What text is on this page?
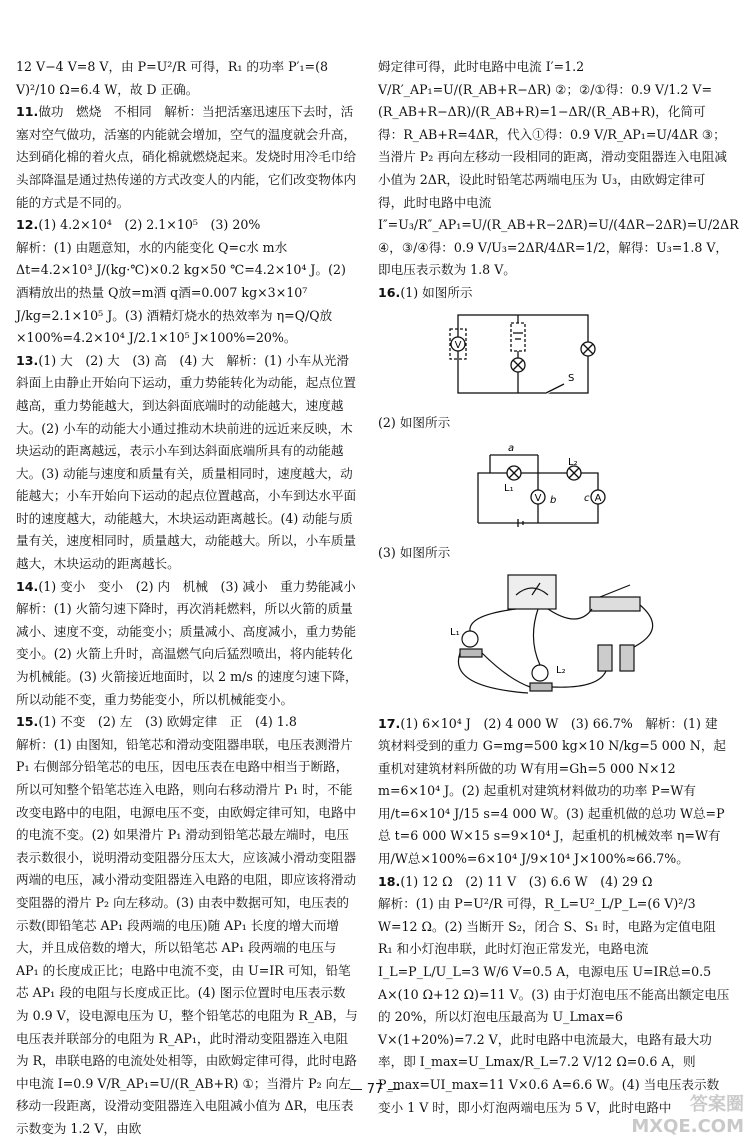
12 V−4 V=8 V，由 P=U²/R 可得，R₁ 的功率 P′₁=(8 V)²/10 Ω=6.4 W，故 D 正确。

11.做功　燃烧　不相同　解析：当把活塞迅速压下去时，活塞对空气做功，活塞的内能就会增加，空气的温度就会升高，达到硝化棉的着火点，硝化棉就燃烧起来。发烧时用冷毛巾给头部降温是通过热传递的方式改变人的内能，它们改变物体内能的方式是不同的。

12.(1) 4.2×10⁴　(2) 2.1×10⁵　(3) 20%

解析：(1) 由题意知，水的内能变化 Q=c水 m水 Δt=4.2×10³ J/(kg·℃)×0.2 kg×50 ℃=4.2×10⁴ J。(2) 酒精放出的热量 Q放=m酒 q酒=0.007 kg×3×10⁷ J/kg=2.1×10⁵ J。(3) 酒精灯烧水的热效率为 η=Q/Q放×100%=4.2×10⁴ J/2.1×10⁵ J×100%=20%。

13.(1) 大　(2) 大　(3) 高　(4) 大　解析：(1) 小车从光滑斜面上由静止开始向下运动，重力势能转化为动能，起点位置越高，重力势能越大，到达斜面底端时的动能越大，速度越大。(2) 小车的动能大小通过推动木块前进的远近来反映，木块运动的距离越远，表示小车到达斜面底端所具有的动能越大。(3) 动能与速度和质量有关，质量相同时，速度越大，动能越大；小车开始向下运动的起点位置越高，小车到达水平面时的速度越大，动能越大，木块运动距离越长。(4) 动能与质量有关，速度相同时，质量越大，动能越大。所以，小车质量越大，木块运动的距离越长。

14.(1) 变小　变小　(2) 内　机械　(3) 减小　重力势能减小　解析：(1) 火箭匀速下降时，再次消耗燃料，所以火箭的质量减小、速度不变，动能变小；质量减小、高度减小，重力势能变小。(2) 火箭上升时，高温燃气向后猛烈喷出，将内能转化为机械能。(3) 火箭接近地面时，以 2 m/s 的速度匀速下降，所以动能不变，重力势能变小，所以机械能变小。

15.(1) 不变　(2) 左　(3) 欧姆定律　正　(4) 1.8

解析：(1) 由图知，铅笔芯和滑动变阻器串联，电压表测滑片 P₁ 右侧部分铅笔芯的电压，因电压表在电路中相当于断路，所以可知整个铅笔芯连入电路，则向右移动滑片 P₁ 时，不能改变电路中的电阻，电源电压不变，由欧姆定律可知，电路中的电流不变。(2) 如果滑片 P₁ 滑动到铅笔芯最左端时，电压表示数很小，说明滑动变阻器分压太大，应该减小滑动变阻器两端的电压，减小滑动变阻器连入电路的电阻，即应该将滑动变阻器的滑片 P₂ 向左移动。(3) 由表中数据可知，电压表的示数(即铅笔芯 AP₁ 段两端的电压)随 AP₁ 长度的增大而增大，并且成倍数的增大，所以铅笔芯 AP₁ 段两端的电压与 AP₁ 的长度成正比；电路中电流不变，由 U=IR 可知，铅笔芯 AP₁ 段的电阻与长度成正比。(4) 图示位置时电压表示数为 0.9 V，设电源电压为 U，整个铅笔芯的电阻为 R_AB，与电压表并联部分的电阻为 R_AP₁，此时滑动变阻器连入电阻为 R，串联电路的电流处处相等，由欧姆定律可得，此时电路中电流 I=0.9 V/R_AP₁=U/(R_AB+R) ①；当滑片 P₂ 向左移动一段距离，设滑动变阻器连入电阻减小值为 ΔR，电压表示数变为 1.2 V，由欧

姆定律可得，此时电路中电流 I′=1.2 V/R′_AP₁=U/(R_AB+R−ΔR) ②；②/①得：0.9 V/1.2 V=(R_AB+R−ΔR)/(R_AB+R)=1−ΔR/(R_AB+R)，化简可得：R_AB+R=4ΔR，代入①得：0.9 V/R_AP₁=U/4ΔR ③；当滑片 P₂ 再向左移动一段相同的距离，滑动变阻器连入电阻减小值为 2ΔR，设此时铅笔芯两端电压为 U₃，由欧姆定律可得，此时电路中电流 I″=U₃/R″_AP₁=U/(R_AB+R−2ΔR)=U/(4ΔR−2ΔR)=U/2ΔR ④，③/④得：0.9 V/U₃=2ΔR/4ΔR=1/2，解得：U₃=1.8 V，即电压表示数为 1.8 V。

16.(1) 如图所示

V
S

(2) 如图所示

V	A
a
b	c
L₁
L₂

(3) 如图所示

L₁
L₂

17.(1) 6×10⁴ J　(2) 4 000 W　(3) 66.7%　解析：(1) 建筑材料受到的重力 G=mg=500 kg×10 N/kg=5 000 N，起重机对建筑材料所做的功 W有用=Gh=5 000 N×12 m=6×10⁴ J。(2) 起重机对建筑材料做功的功率 P=W有用/t=6×10⁴ J/15 s=4 000 W。(3) 起重机做的总功 W总=P总 t=6 000 W×15 s=9×10⁴ J，起重机的机械效率 η=W有用/W总×100%=6×10⁴ J/9×10⁴ J×100%≈66.7%。

18.(1) 12 Ω　(2) 11 V　(3) 6.6 W　(4) 29 Ω

解析：(1) 由 P=U²/R 可得，R_L=U²_L/P_L=(6 V)²/3 W=12 Ω。(2) 当断开 S₂，闭合 S、S₁ 时，电路为定值电阻 R₁ 和小灯泡串联，此时灯泡正常发光，电路电流 I_L=P_L/U_L=3 W/6 V=0.5 A，电源电压 U=IR总=0.5 A×(10 Ω+12 Ω)=11 V。(3) 由于灯泡电压不能高出额定电压的 20%，所以灯泡电压最高为 U_Lmax=6 V×(1+20%)=7.2 V，此时电路中电流最大，电路有最大功率，即 I_max=U_Lmax/R_L=7.2 V/12 Ω=0.6 A，则 P_max=UI_max=11 V×0.6 A=6.6 W。(4) 当电压表示数变小 1 V 时，即小灯泡两端电压为 5 V，此时电路中

— 77 —
答案圈 MXQE.COM
